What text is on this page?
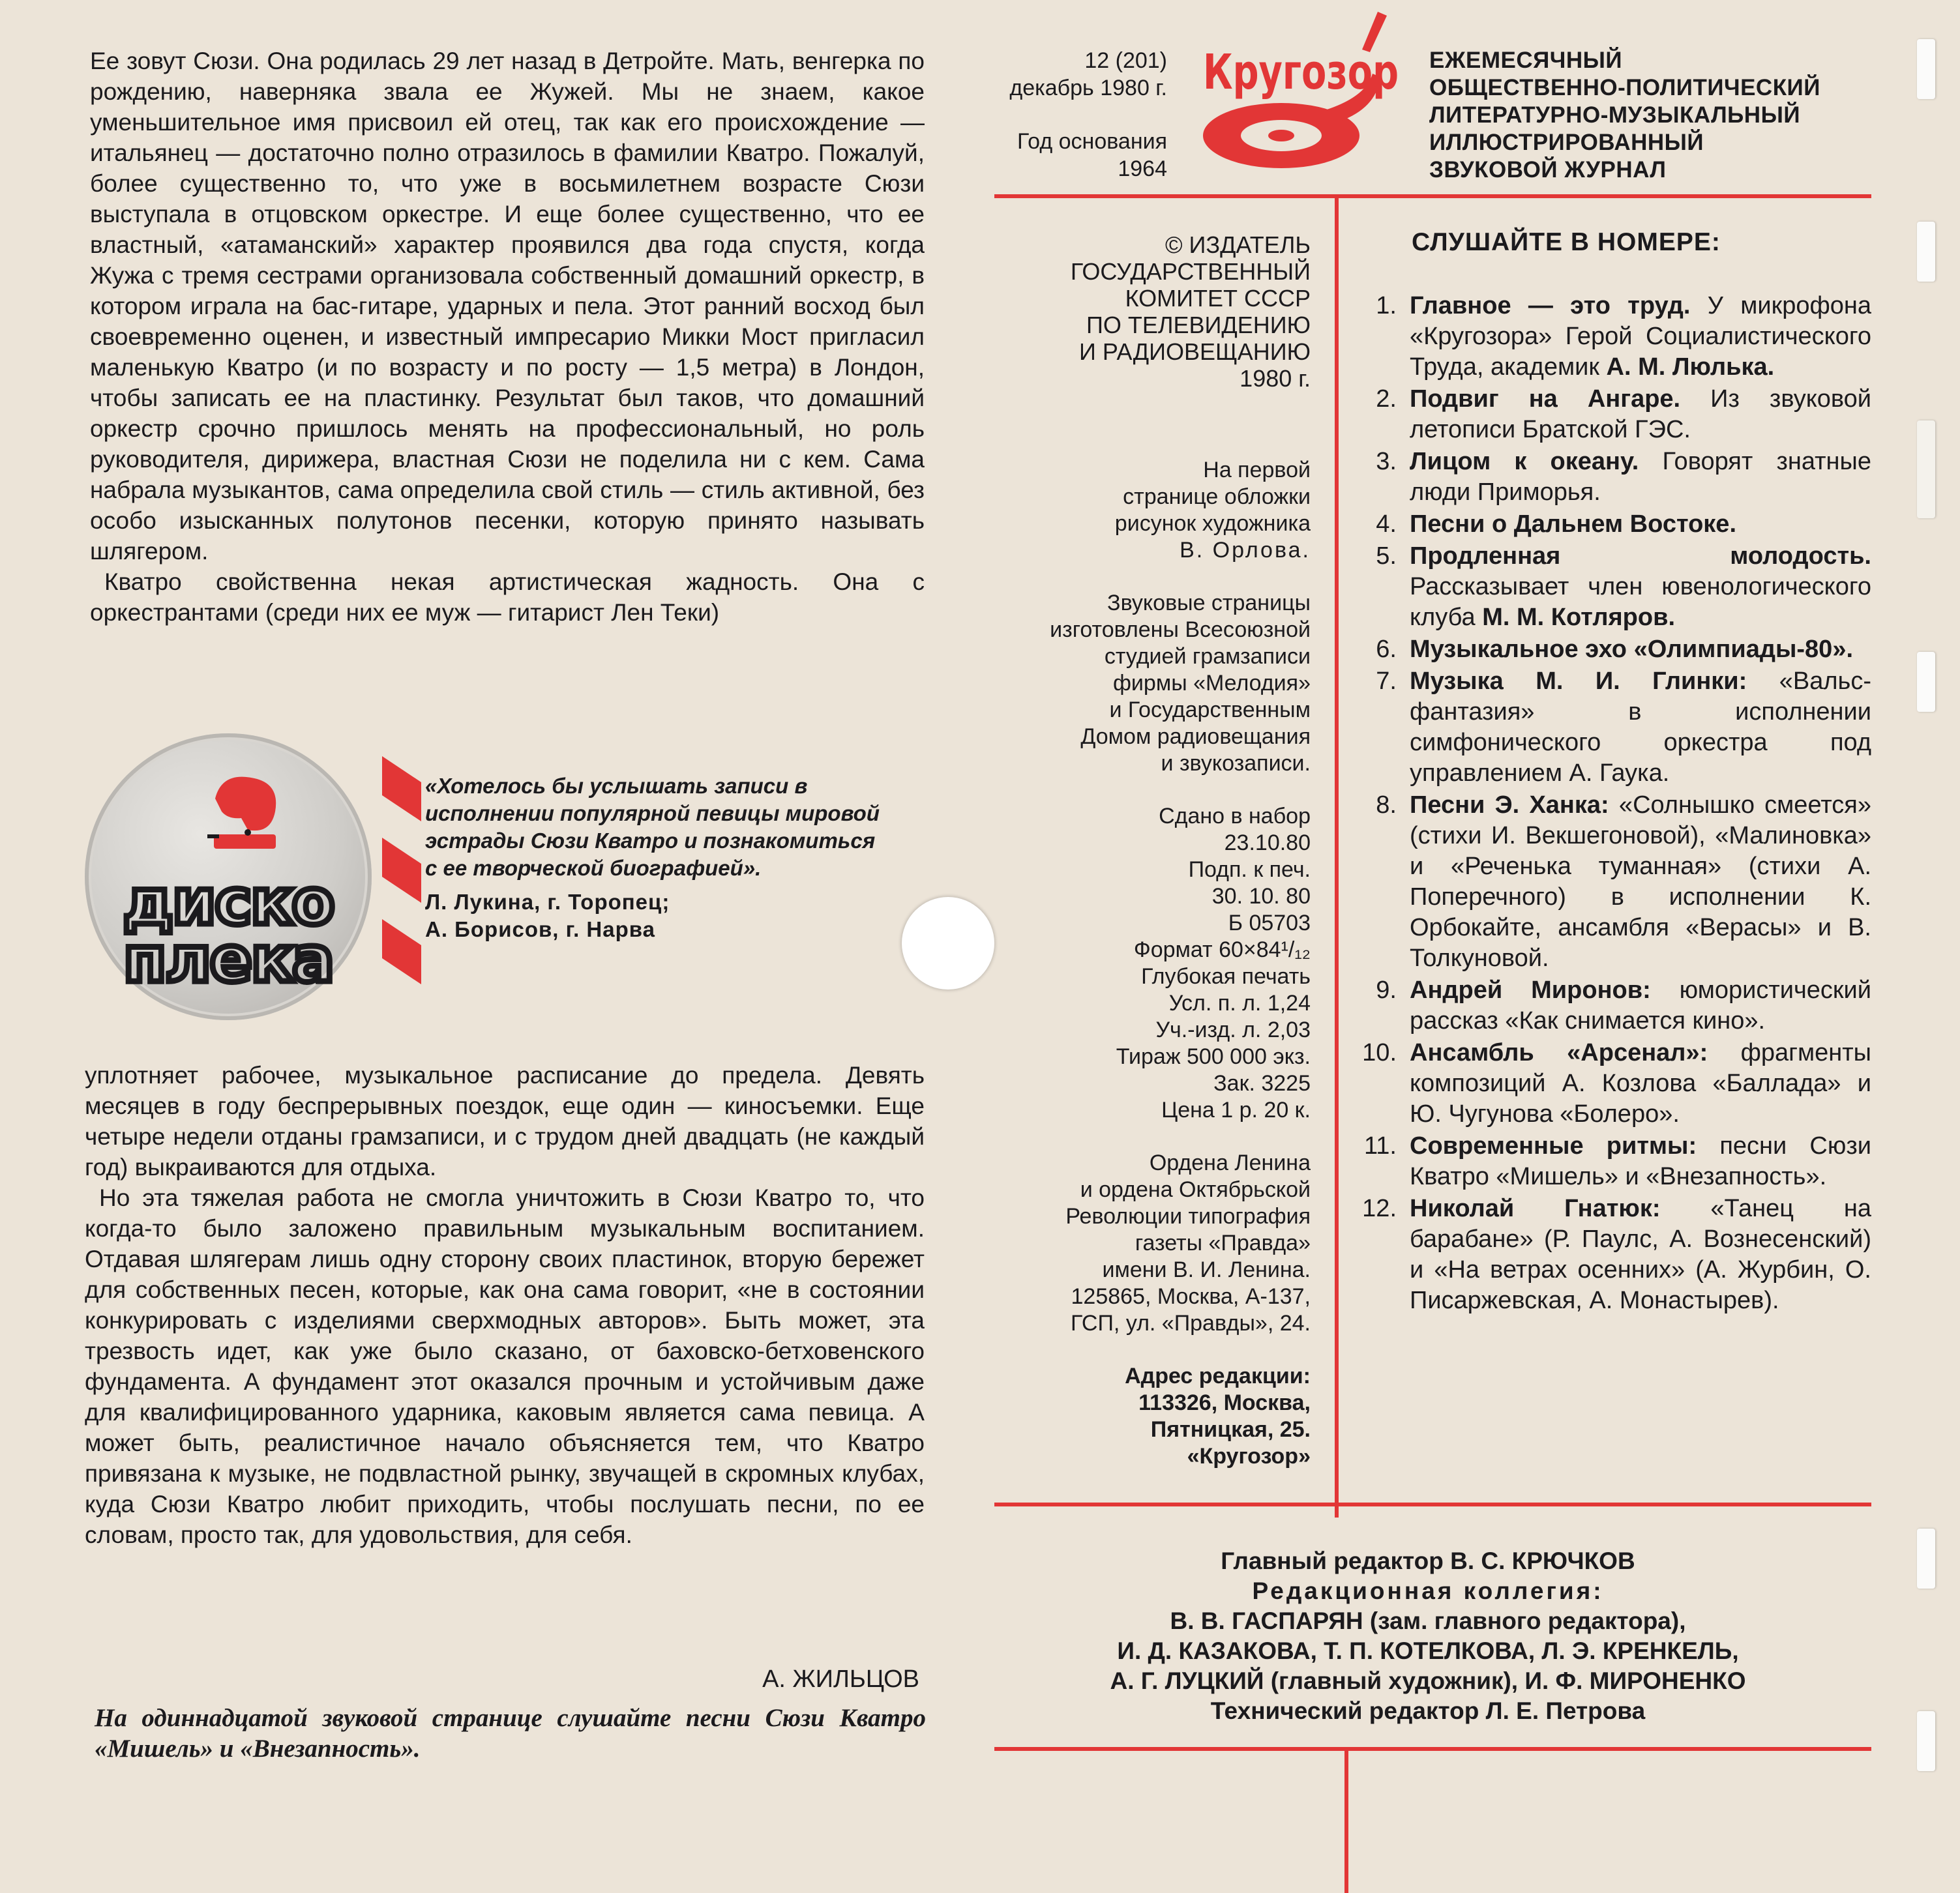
Ее зовут Сюзи. Она родилась 29 лет назад в Детройте. Мать, венгерка по рождению, наверняка звала ее Жужей. Мы не знаем, какое уменьшительное имя присвоил ей отец, так как его происхождение — итальянец — достаточно полно отразилось в фамилии Кватро. Пожалуй, более существенно то, что уже в восьмилетнем возрасте Сюзи выступала в отцовском оркестре. И еще более существенно, что ее властный, «атаманский» характер проявился два года спустя, когда Жужа с тремя сестрами организовала собственный домашний оркестр, в котором играла на бас-гитаре, ударных и пела. Этот ранний восход был своевременно оценен, и известный импресарио Микки Мост пригласил маленькую Кватро (и по возрасту и по росту — 1,5 метра) в Лондон, чтобы записать ее на пластинку. Результат был таков, что домашний оркестр срочно пришлось менять на профессиональный, но роль руководителя, дирижера, властная Сюзи не поделила ни с кем. Сама набрала музыкантов, сама определила свой стиль — стиль активной, без особо изысканных полутонов песенки, которую принято называть шлягером.

Кватро свойственна некая артистическая жадность. Она с оркестрантами (среди них ее муж — гитарист Лен Теки)

диско
плека
«Хотелось бы услышать записи в исполнении популярной певицы мировой эстрады Сюзи Кватро и познакомиться с ее творческой биографией».
Л. Лукина, г. Торопец;
А. Борисов, г. Нарва

уплотняет рабочее, музыкальное расписание до предела. Девять месяцев в году беспрерывных поездок, еще один — киносъемки. Еще четыре недели отданы грамзаписи, и с трудом дней двадцать (не каждый год) выкраиваются для отдыха.

Но эта тяжелая работа не смогла уничтожить в Сюзи Кватро то, что когда-то было заложено правильным музыкальным воспитанием. Отдавая шлягерам лишь одну сторону своих пластинок, вторую бережет для собственных песен, которые, как она сама говорит, «не в состоянии конкурировать с изделиями сверхмодных авторов». Быть может, эта трезвость идет, как уже было сказано, от баховско-бетховенского фундамента. А фундамент этот оказался прочным и устойчивым даже для квалифицированного ударника, каковым является сама певица. А может быть, реалистичное начало объясняется тем, что Кватро привязана к музыке, не подвластной рынку, звучащей в скромных клубах, куда Сюзи Кватро любит приходить, чтобы послушать песни, по ее словам, просто так, для удовольствия, для себя.

А. ЖИЛЬЦОВ
На одиннадцатой звуковой странице слушайте песни Сюзи Кватро «Мишель» и «Внезапность».
12 (201)
декабрь 1980 г.
Год основания
1964
Кругозор ЕЖЕМЕСЯЧНЫЙ
ОБЩЕСТВЕННО-ПОЛИТИЧЕСКИЙ
ЛИТЕРАТУРНО-МУЗЫКАЛЬНЫЙ
ИЛЛЮСТРИРОВАННЫЙ
ЗВУКОВОЙ ЖУРНАЛ
© ИЗДАТЕЛЬ
ГОСУДАРСТВЕННЫЙ
КОМИТЕТ СССР
ПО ТЕЛЕВИДЕНИЮ
И РАДИОВЕЩАНИЮ
1980 г.
На первой
странице обложки
рисунок художника
В. Орлова.
Звуковые страницы
изготовлены Всесоюзной
студией грамзаписи
фирмы «Мелодия»
и Государственным
Домом радиовещания
и звукозаписи.
Сдано в набор
23.10.80
Подп. к печ.
30. 10. 80
Б 05703
Формат 60×84¹/₁₂
Глубокая печать
Усл. п. л. 1,24
Уч.-изд. л. 2,03
Тираж 500 000 экз.
Зак. 3225
Цена 1 р. 20 к.
Ордена Ленина
и ордена Октябрьской
Революции типография
газеты «Правда»
имени В. И. Ленина.
125865, Москва, А-137,
ГСП, ул. «Правды», 24.
Адрес редакции:
113326, Москва,
Пятницкая, 25.
«Кругозор»
СЛУШАЙТЕ В НОМЕРЕ:
1. Главное — это труд. У микрофона «Кругозора» Герой Социалистического Труда, академик А. М. Люлька.
2. Подвиг на Ангаре. Из звуковой летописи Братской ГЭС.
3. Лицом к океану. Говорят знатные люди Приморья.
4. Песни о Дальнем Востоке.
5. Продленная молодость. Рассказывает член ювенологического клуба М. М. Котляров.
6. Музыкальное эхо «Олимпиады-80».
7. Музыка М. И. Глинки: «Вальс-фантазия» в исполнении симфонического оркестра под управлением А. Гаука.
8. Песни Э. Ханка: «Солнышко смеется» (стихи И. Векшегоновой), «Малиновка» и «Реченька туманная» (стихи А. Поперечного) в исполнении К. Орбокайте, ансамбля «Верасы» и В. Толкуновой.
9. Андрей Миронов: юмористический рассказ «Как снимается кино».
10. Ансамбль «Арсенал»: фрагменты композиций А. Козлова «Баллада» и Ю. Чугунова «Болеро».
11. Современные ритмы: песни Сюзи Кватро «Мишель» и «Внезапность».
12. Николай Гнатюк: «Танец на барабане» (Р. Паулс, А. Вознесенский) и «На ветрах осенних» (А. Журбин, О. Писаржевская, А. Монастырев).
Главный редактор В. С. КРЮЧКОВ
Редакционная коллегия:
В. В. ГАСПАРЯН (зам. главного редактора),
И. Д. КАЗАКОВА, Т. П. КОТЕЛКОВА, Л. Э. КРЕНКЕЛЬ,
А. Г. ЛУЦКИЙ (главный художник), И. Ф. МИРОНЕНКО
Технический редактор Л. Е. Петрова
